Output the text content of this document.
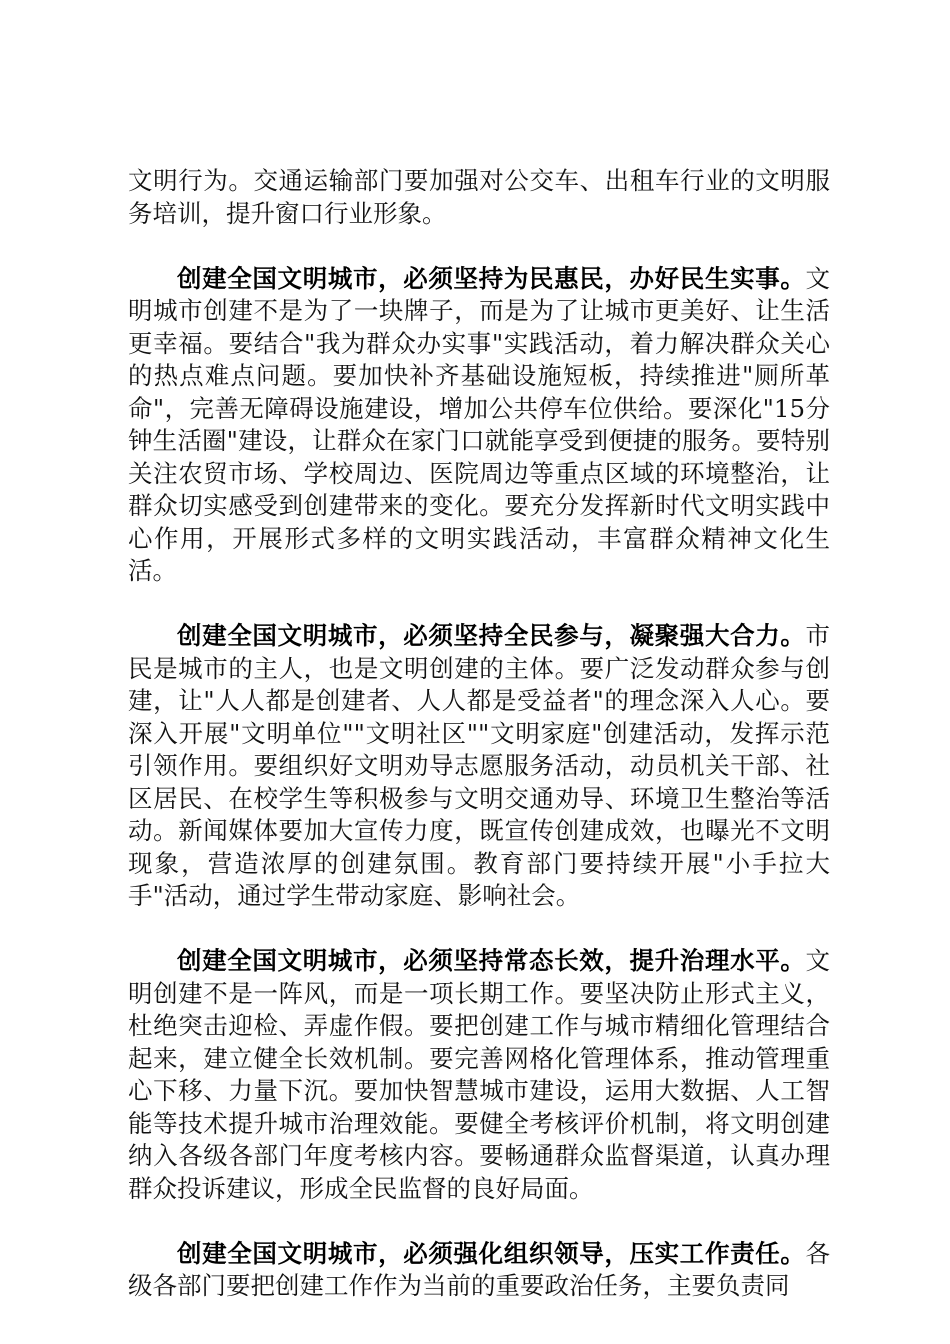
文明行为。交通运输部门要加强对公交车、出租车行业的文明服务培训，提升窗口行业形象。

创建全国文明城市，必须坚持为民惠民，办好民生实事。文明城市创建不是为了一块牌子，而是为了让城市更美好、让生活更幸福。要结合"我为群众办实事"实践活动，着力解决群众关心的热点难点问题。要加快补齐基础设施短板，持续推进"厕所革命"，完善无障碍设施建设，增加公共停车位供给。要深化"15分钟生活圈"建设，让群众在家门口就能享受到便捷的服务。要特别关注农贸市场、学校周边、医院周边等重点区域的环境整治，让群众切实感受到创建带来的变化。要充分发挥新时代文明实践中心作用，开展形式多样的文明实践活动，丰富群众精神文化生活。

创建全国文明城市，必须坚持全民参与，凝聚强大合力。市民是城市的主人，也是文明创建的主体。要广泛发动群众参与创建，让"人人都是创建者、人人都是受益者"的理念深入人心。要深入开展"文明单位""文明社区""文明家庭"创建活动，发挥示范引领作用。要组织好文明劝导志愿服务活动，动员机关干部、社区居民、在校学生等积极参与文明交通劝导、环境卫生整治等活动。新闻媒体要加大宣传力度，既宣传创建成效，也曝光不文明现象，营造浓厚的创建氛围。教育部门要持续开展"小手拉大手"活动，通过学生带动家庭、影响社会。

创建全国文明城市，必须坚持常态长效，提升治理水平。文明创建不是一阵风，而是一项长期工作。要坚决防止形式主义，杜绝突击迎检、弄虚作假。要把创建工作与城市精细化管理结合起来，建立健全长效机制。要完善网格化管理体系，推动管理重心下移、力量下沉。要加快智慧城市建设，运用大数据、人工智能等技术提升城市治理效能。要健全考核评价机制，将文明创建纳入各级各部门年度考核内容。要畅通群众监督渠道，认真办理群众投诉建议，形成全民监督的良好局面。

创建全国文明城市，必须强化组织领导，压实工作责任。各级各部门要把创建工作作为当前的重要政治任务，主要负责同
